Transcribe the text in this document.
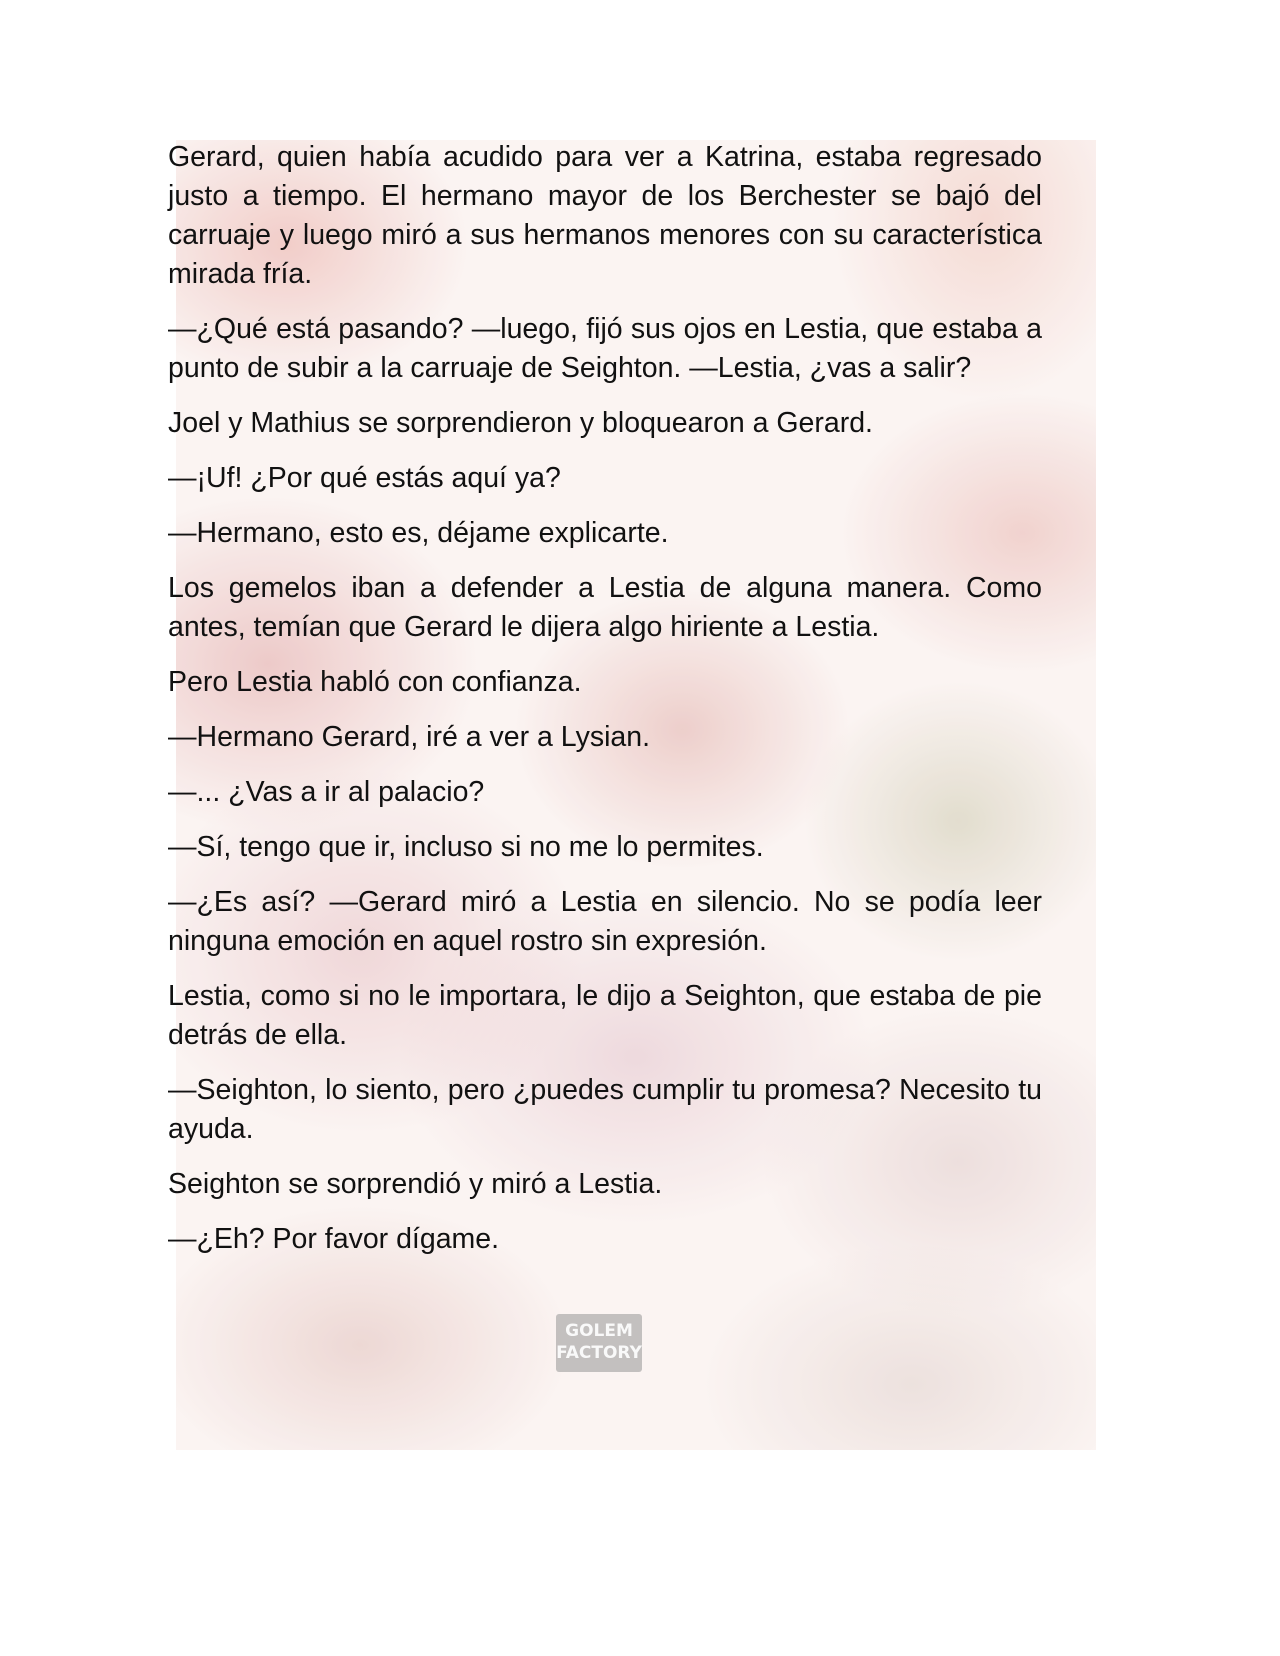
GOLEM
FACTORY

Gerard, quien había acudido para ver a Katrina, estaba regresado justo a tiempo. El hermano mayor de los Berchester se bajó del carruaje y luego miró a sus hermanos menores con su característica mirada fría.

—¿Qué está pasando? —luego, fijó sus ojos en Lestia, que estaba a punto de subir a la carruaje de Seighton. —Lestia, ¿vas a salir?

Joel y Mathius se sorprendieron y bloquearon a Gerard.

—¡Uf! ¿Por qué estás aquí ya?

—Hermano, esto es, déjame explicarte.

Los gemelos iban a defender a Lestia de alguna manera. Como antes, temían que Gerard le dijera algo hiriente a Lestia.

Pero Lestia habló con confianza.

—Hermano Gerard, iré a ver a Lysian.

—... ¿Vas a ir al palacio?

—Sí, tengo que ir, incluso si no me lo permites.

—¿Es así? —Gerard miró a Lestia en silencio. No se podía leer ninguna emoción en aquel rostro sin expresión.

Lestia, como si no le importara, le dijo a Seighton, que estaba de pie detrás de ella.

—Seighton, lo siento, pero ¿puedes cumplir tu promesa? Necesito tu ayuda.

Seighton se sorprendió y miró a Lestia.

—¿Eh? Por favor dígame.
